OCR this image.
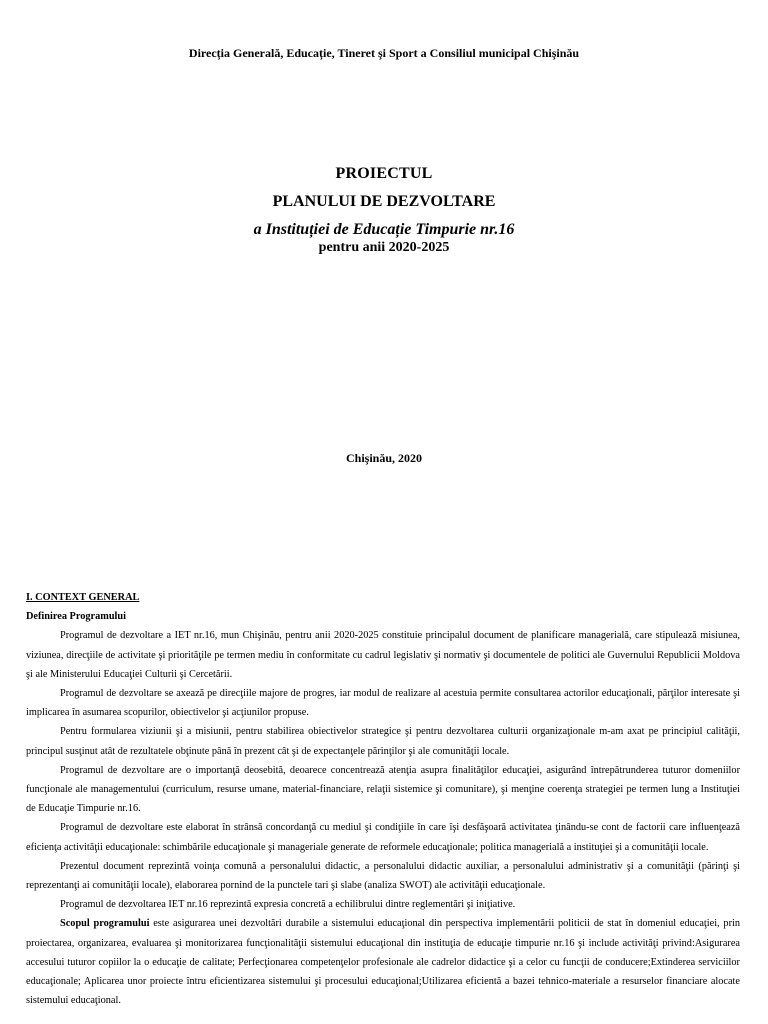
Direcția Generală, Educație, Tineret şi Sport a Consiliul municipal Chişinău
PROIECTUL
PLANULUI DE DEZVOLTARE
a Instituției de Educație Timpurie nr.16
pentru anii 2020-2025
Chişinău, 2020

I. CONTEXT GENERAL

Definirea Programului

Programul de dezvoltare a IET nr.16, mun Chişinău, pentru anii 2020-2025 constituie principalul document de planificare managerială, care stipulează misiunea, viziunea, direcţiile de activitate şi priorităţile pe termen mediu în conformitate cu cadrul legislativ şi normativ şi documentele de politici ale Guvernului Republicii Moldova şi ale Ministerului Educaţiei Culturii şi Cercetării.

Programul de dezvoltare se axează pe direcţiile majore de progres, iar modul de realizare al acestuia permite consultarea actorilor educaţionali, părţilor interesate şi implicarea în asumarea scopurilor, obiectivelor şi acţiunilor propuse.

Pentru formularea viziunii şi a misiunii, pentru stabilirea obiectivelor strategice şi pentru dezvoltarea culturii organizaţionale m-am axat pe principiul calităţii, principul susţinut atât de rezultatele obţinute până în prezent cât şi de expectanţele părinţilor şi ale comunităţii locale.

Programul de dezvoltare are o importanţă deosebită, deoarece concentrează atenţia asupra finalităţilor educaţiei, asigurând întrepătrunderea tuturor domeniilor funcţionale ale managementului (curriculum, resurse umane, material-financiare, relaţii sistemice şi comunitare), şi menţine coerenţa strategiei pe termen lung a Instituţiei de Educaţie Timpurie nr.16.

Programul de dezvoltare este elaborat în strânsă concordanţă cu mediul şi condiţiile în care îşi desfăşoară activitatea ţinându-se cont de factorii care influenţează eficienţa activităţii educaţionale: schimbările educaţionale şi manageriale generate de reformele educaţionale; politica managerială a instituţiei şi a comunităţii locale.

Prezentul document reprezintă voinţa comună a personalului didactic, a personalului didactic auxiliar, a personalului administrativ şi a comunităţii (părinţi şi reprezentanţi ai comunităţii locale), elaborarea pornind de la punctele tari şi slabe (analiza SWOT) ale activităţii educaţionale.

Programul de dezvoltarea IET nr.16 reprezintă expresia concretă a echilibrului dintre reglementări şi iniţiative.

Scopul programului este asigurarea unei dezvoltări durabile a sistemului educaţional din perspectiva implementării politicii de stat în domeniul educaţiei, prin proiectarea, organizarea, evaluarea şi monitorizarea funcţionalităţii sistemului educaţional din instituţia de educaţie timpurie nr.16 şi include activităţi privind:Asigurarea accesului tuturor copiilor la o educaţie de calitate; Perfecţionarea competenţelor profesionale ale cadrelor didactice şi a celor cu funcţii de conducere;Extinderea serviciilor educaţionale; Aplicarea unor proiecte întru eficientizarea sistemului şi procesului educaţional;Utilizarea eficientă a bazei tehnico-materiale a resurselor financiare alocate sistemului educaţional.
